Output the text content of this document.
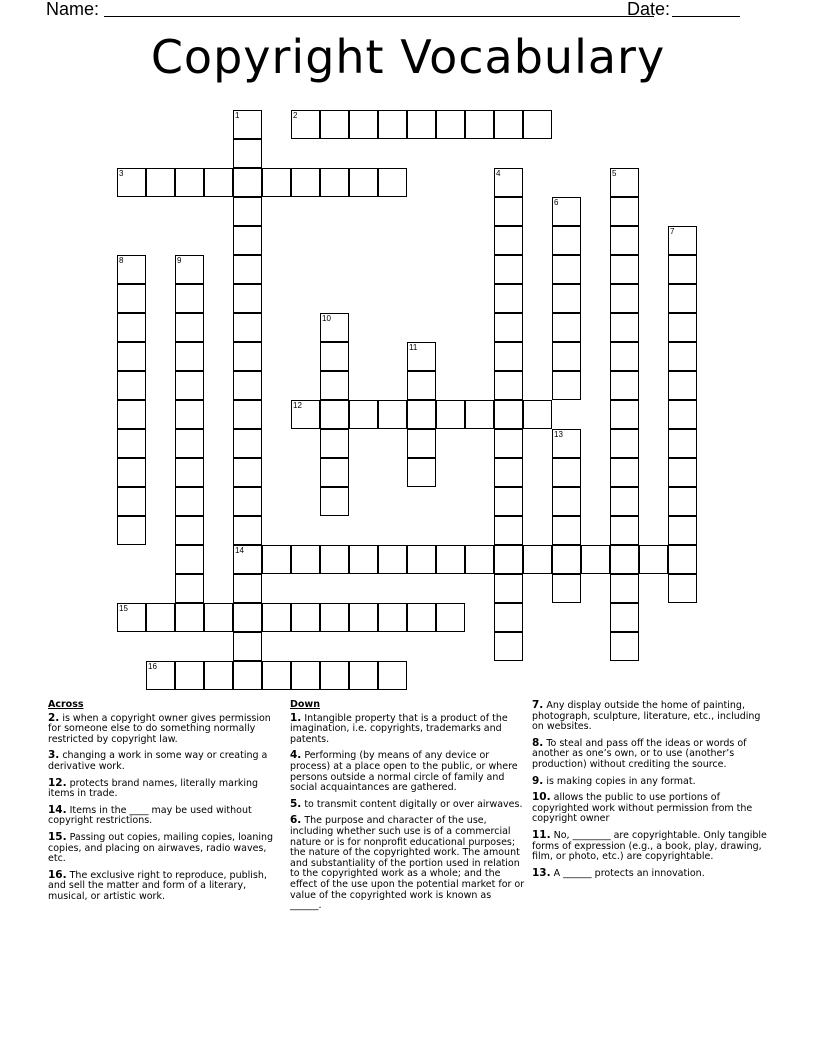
Name:	Date:
Copyright Vocabulary
1
14
2
3	4	5
6
7
8	9
10
11
12
13
15
16
Across
2. is when a copyright owner gives permission for someone else to do something normally restricted by copyright law.
3. changing a work in some way or creating a derivative work.
12. protects brand names, literally marking items in trade.
14. Items in the ____ may be used without copyright restrictions.
15. Passing out copies, mailing copies, loaning copies, and placing on airwaves, radio waves, etc.
16. The exclusive right to reproduce, publish, and sell the matter and form of a literary, musical, or artistic work.
Down
1. Intangible property that is a product of the imagination, i.e. copyrights, trademarks and patents.
4. Performing (by means of any device or process) at a place open to the public, or where persons outside a normal circle of family and social acquaintances are gathered.
5. to transmit content digitally or over airwaves.
6. The purpose and character of the use, including whether such use is of a commercial nature or is for nonprofit educational purposes; the nature of the copyrighted work. The amount and substantiality of the portion used in relation to the copyrighted work as a whole; and the effect of the use upon the potential market for or value of the copyrighted work is known as ______.
7. Any display outside the home of painting, photograph, sculpture, literature, etc., including on websites.
8. To steal and pass off the ideas or words of another as one’s own, or to use (another’s production) without crediting the source.
9. is making copies in any format.
10. allows the public to use portions of copyrighted work without permission from the copyright owner
11. No, ________ are copyrightable. Only tangible forms of expression (e.g., a book, play, drawing, film, or photo, etc.) are copyrightable.
13. A ______ protects an innovation.
